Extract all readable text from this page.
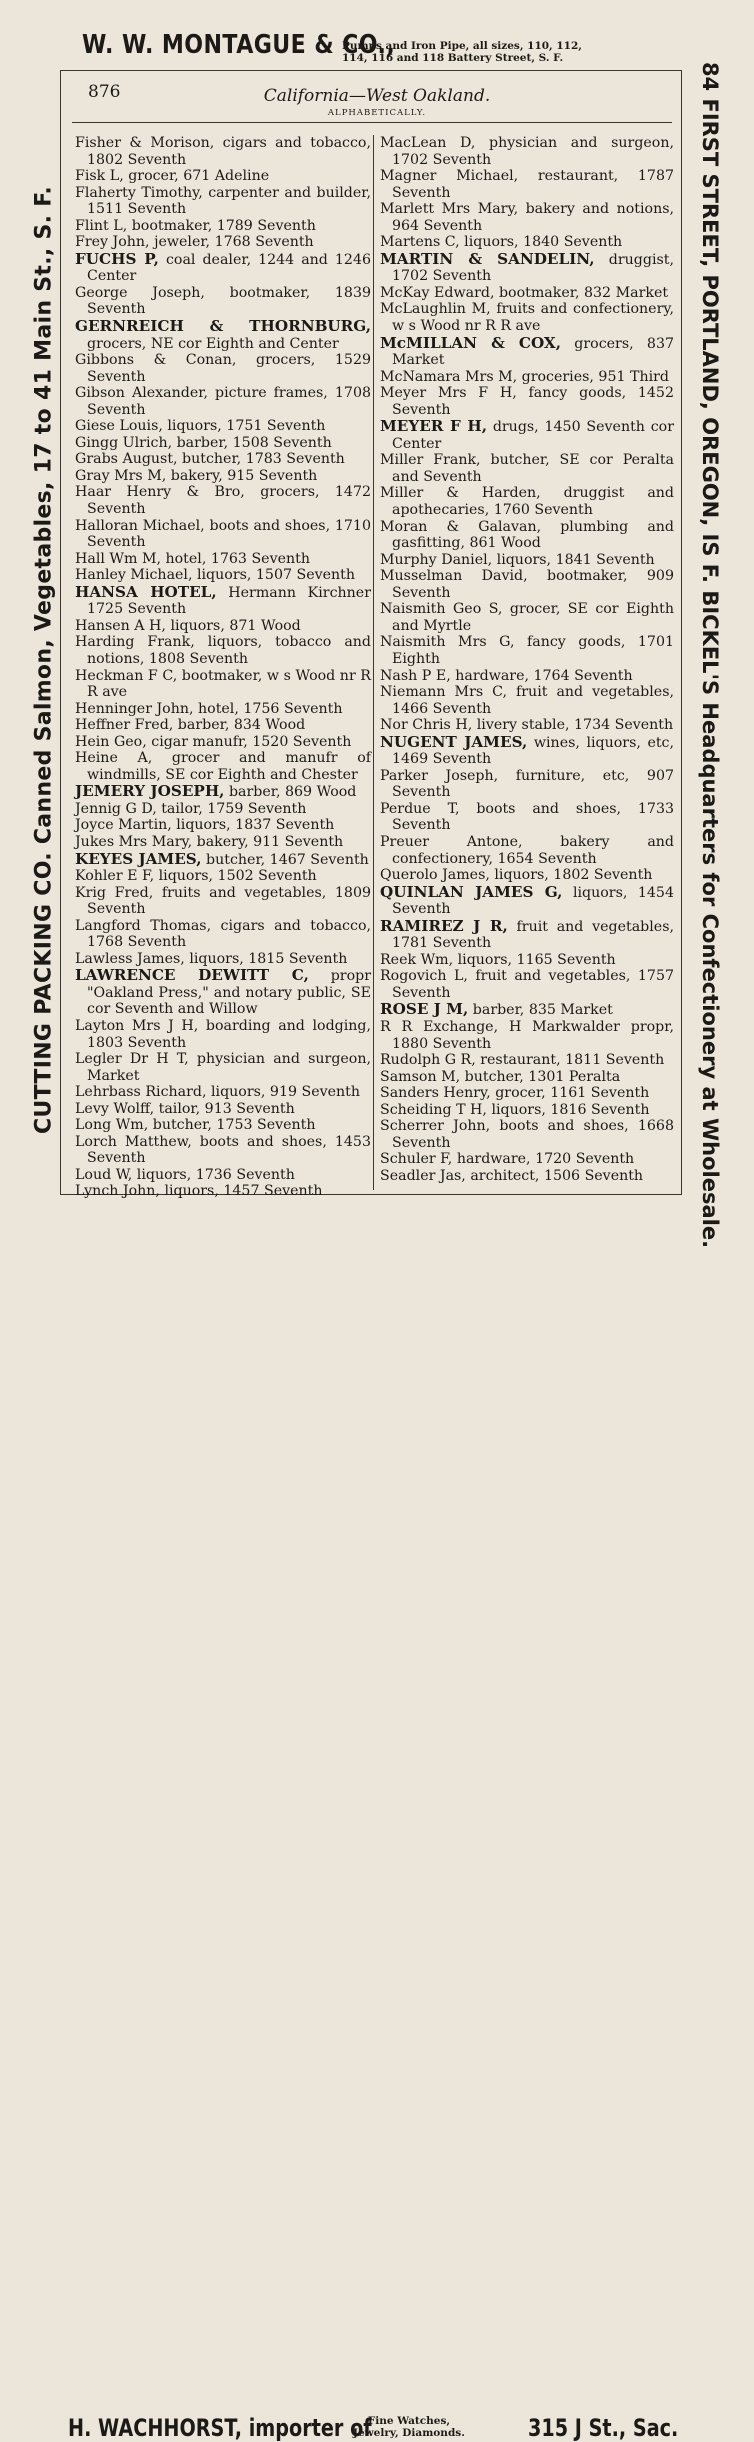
W. W. MONTAGUE & CO.,
Pumps and Iron Pipe, all sizes, 110, 112,
114, 116 and 118 Battery Street, S. F.
CUTTING PACKING CO. Canned Salmon, Vegetables, 17 to 41 Main St., S. F.	84 FIRST STREET, PORTLAND, OREGON, IS F. BICKEL'S Headquarters for Confectionery at Wholesale.
876	California—West Oakland.
ALPHABETICALLY.
Fisher & Morison, cigars and tobacco, 1802 Seventh
Fisk L, grocer, 671 Adeline
Flaherty Timothy, carpenter and builder, 1511 Seventh
Flint L, bootmaker, 1789 Seventh
Frey John, jeweler, 1768 Seventh
FUCHS P, coal dealer, 1244 and 1246 Center
George Joseph, bootmaker, 1839 Seventh
GERNREICH & THORNBURG, grocers, NE cor Eighth and Center
Gibbons & Conan, grocers, 1529 Seventh
Gibson Alexander, picture frames, 1708 Seventh
Giese Louis, liquors, 1751 Seventh
Gingg Ulrich, barber, 1508 Seventh
Grabs August, butcher, 1783 Seventh
Gray Mrs M, bakery, 915 Seventh
Haar Henry & Bro, grocers, 1472 Seventh
Halloran Michael, boots and shoes, 1710 Seventh
Hall Wm M, hotel, 1763 Seventh
Hanley Michael, liquors, 1507 Seventh
HANSA HOTEL, Hermann Kirchner 1725 Seventh
Hansen A H, liquors, 871 Wood
Harding Frank, liquors, tobacco and notions, 1808 Seventh
Heckman F C, bootmaker, w s Wood nr R R ave
Henninger John, hotel, 1756 Seventh
Heffner Fred, barber, 834 Wood
Hein Geo, cigar manufr, 1520 Seventh
Heine A, grocer and manufr of windmills, SE cor Eighth and Chester
JEMERY JOSEPH, barber, 869 Wood
Jennig G D, tailor, 1759 Seventh
Joyce Martin, liquors, 1837 Seventh
Jukes Mrs Mary, bakery, 911 Seventh
KEYES JAMES, butcher, 1467 Seventh
Kohler E F, liquors, 1502 Seventh
Krig Fred, fruits and vegetables, 1809 Seventh
Langford Thomas, cigars and tobacco, 1768 Seventh
Lawless James, liquors, 1815 Seventh
LAWRENCE DEWITT C, propr "Oakland Press," and notary public, SE cor Seventh and Willow
Layton Mrs J H, boarding and lodging, 1803 Seventh
Legler Dr H T, physician and surgeon, Market
Lehrbass Richard, liquors, 919 Seventh
Levy Wolff, tailor, 913 Seventh
Long Wm, butcher, 1753 Seventh
Lorch Matthew, boots and shoes, 1453 Seventh
Loud W, liquors, 1736 Seventh
Lynch John, liquors, 1457 Seventh
MacLean D, physician and surgeon, 1702 Seventh
Magner Michael, restaurant, 1787 Seventh
Marlett Mrs Mary, bakery and notions, 964 Seventh
Martens C, liquors, 1840 Seventh
MARTIN & SANDELIN, druggist, 1702 Seventh
McKay Edward, bootmaker, 832 Market
McLaughlin M, fruits and confectionery, w s Wood nr R R ave
McMILLAN & COX, grocers, 837 Market
McNamara Mrs M, groceries, 951 Third
Meyer Mrs F H, fancy goods, 1452 Seventh
MEYER F H, drugs, 1450 Seventh cor Center
Miller Frank, butcher, SE cor Peralta and Seventh
Miller & Harden, druggist and apothecaries, 1760 Seventh
Moran & Galavan, plumbing and gasfitting, 861 Wood
Murphy Daniel, liquors, 1841 Seventh
Musselman David, bootmaker, 909 Seventh
Naismith Geo S, grocer, SE cor Eighth and Myrtle
Naismith Mrs G, fancy goods, 1701 Eighth
Nash P E, hardware, 1764 Seventh
Niemann Mrs C, fruit and vegetables, 1466 Seventh
Nor Chris H, livery stable, 1734 Seventh
NUGENT JAMES, wines, liquors, etc, 1469 Seventh
Parker Joseph, furniture, etc, 907 Seventh
Perdue T, boots and shoes, 1733 Seventh
Preuer Antone, bakery and confectionery, 1654 Seventh
Querolo James, liquors, 1802 Seventh
QUINLAN JAMES G, liquors, 1454 Seventh
RAMIREZ J R, fruit and vegetables, 1781 Seventh
Reek Wm, liquors, 1165 Seventh
Rogovich L, fruit and vegetables, 1757 Seventh
ROSE J M, barber, 835 Market
R R Exchange, H Markwalder propr, 1880 Seventh
Rudolph G R, restaurant, 1811 Seventh
Samson M, butcher, 1301 Peralta
Sanders Henry, grocer, 1161 Seventh
Scheiding T H, liquors, 1816 Seventh
Scherrer John, boots and shoes, 1668 Seventh
Schuler F, hardware, 1720 Seventh
Seadler Jas, architect, 1506 Seventh
H. WACHHORST, importer of
Fine Watches,
Jewelry, Diamonds.	315 J St., Sac.
